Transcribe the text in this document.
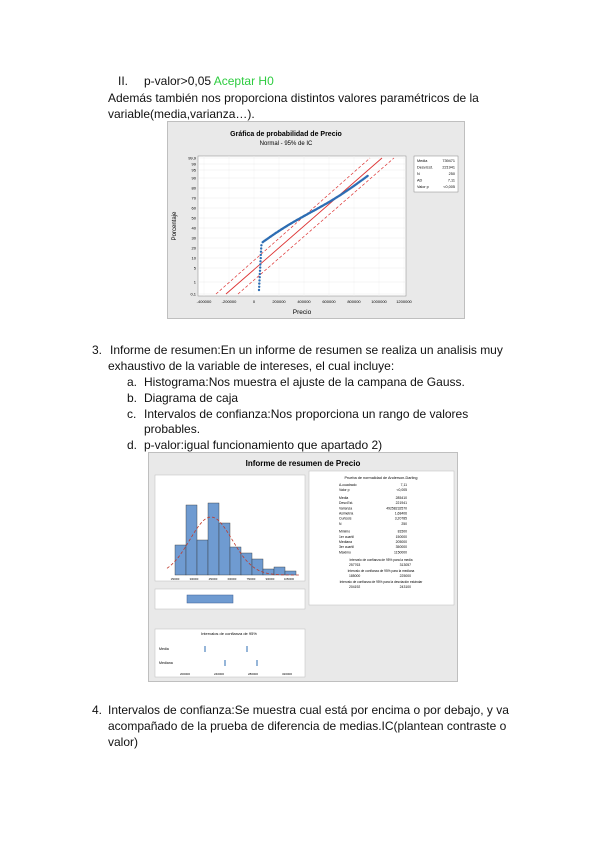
II. p-valor>0,05 Aceptar H0
Además también nos proporciona distintos valores paramétricos de la
variable(media,varianza…).
Gráfica de probabilidad de Precio
Normal - 95% de IC
99,9
99
95
90
80
70
60
50
40
30
20
10
5
1
0,1
-400000	-200000	0	200000	400000	600000	800000	1000000 1200000
Porcentaje
Precio
Media	739471
Desv.Est. 221941
N	250
AD	7,11
Valor p	<0,005
3. Informe de resumen:En un informe de resumen se realiza un analisis muy
exhaustivo de la variable de intereses, el cual incluye:
a. Histograma:Nos muestra el ajuste de la campana de Gauss.
b. Diagrama de caja
c. Intervalos de confianza:Nos proporciona un rango de valores
probables.
d. p-valor:igual funcionamiento que apartado 2)
Informe de resumen de Precio
150000	300000	450000	600000	750000	900000	1050000
Prueba de normalidad de Anderson-Darling
A-cuadrado	7,11
Valor p	<0,005
Media	285410
Desv.Est.	221941
Varianza	49258232570
Asimetría	1,68406
Curtosis	3,20785
N	250
Mínimo	81500
1er cuartil	150000
Mediana	205000
3er cuartil	350000
Máximo	1150000
Intervalo de confianza de 95% para la media
257763	313057
Intervalo de confianza de 95% para la mediana
185000	225000
Intervalo de confianza de 95% para la desviación estándar
204192	243100
Intervalos de confianza de 95%
Media
Mediana
200000	240000	280000	320000
4. Intervalos de confianza:Se muestra cual está por encima o por debajo, y va
acompañado de la prueba de diferencia de medias.IC(plantean contraste o
valor)
